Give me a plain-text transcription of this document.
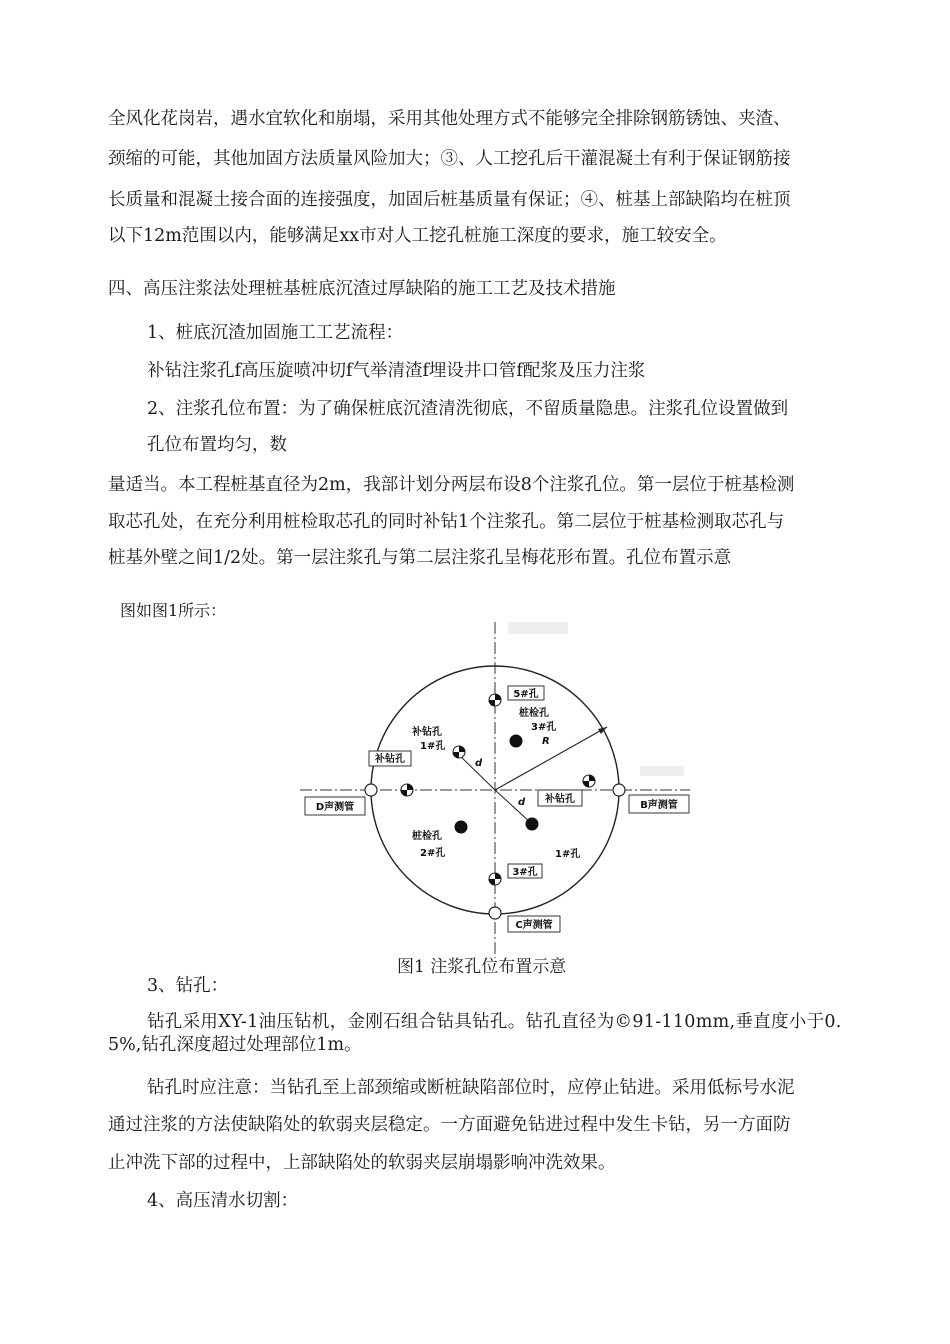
全风化花岗岩，遇水宜软化和崩塌，采用其他处理方式不能够完全排除钢筋锈蚀、夹渣、
颈缩的可能，其他加固方法质量风险加大；③、人工挖孔后干灌混凝土有利于保证钢筋接
长质量和混凝土接合面的连接强度，加固后桩基质量有保证；④、桩基上部缺陷均在桩顶
以下12m范围以内，能够满足xx市对人工挖孔桩施工深度的要求，施工较安全。
四、高压注浆法处理桩基桩底沉渣过厚缺陷的施工工艺及技术措施
1、桩底沉渣加固施工工艺流程：
补钻注浆孔f高压旋喷冲切f气举清渣f埋设井口管f配浆及压力注浆
2、注浆孔位布置：为了确保桩底沉渣清洗彻底，不留质量隐患。注浆孔位设置做到
孔位布置均匀，数
量适当。本工程桩基直径为2m，我部计划分两层布设8个注浆孔位。第一层位于桩基检测
取芯孔处，在充分利用桩检取芯孔的同时补钻1个注浆孔。第二层位于桩基检测取芯孔与
桩基外壁之间1/2处。第一层注浆孔与第二层注浆孔呈梅花形布置。孔位布置示意
图如图1所示：
D声测管	B声测管
C声测管
补钻孔
补钻孔
5#孔
3#孔
桩检孔
3#孔
补钻孔
1#孔	R
d
d
桩检孔
2#孔	1#孔
图1 注浆孔位布置示意
3、钻孔：
钻孔采用XY-1油压钻机，金刚石组合钻具钻孔。钻孔直径为©91-110mm,垂直度小于0.
5%,钻孔深度超过处理部位1m。
钻孔时应注意：当钻孔至上部颈缩或断桩缺陷部位时，应停止钻进。采用低标号水泥
通过注浆的方法使缺陷处的软弱夹层稳定。一方面避免钻进过程中发生卡钻，另一方面防
止冲洗下部的过程中，上部缺陷处的软弱夹层崩塌影响冲洗效果。
4、高压清水切割：
